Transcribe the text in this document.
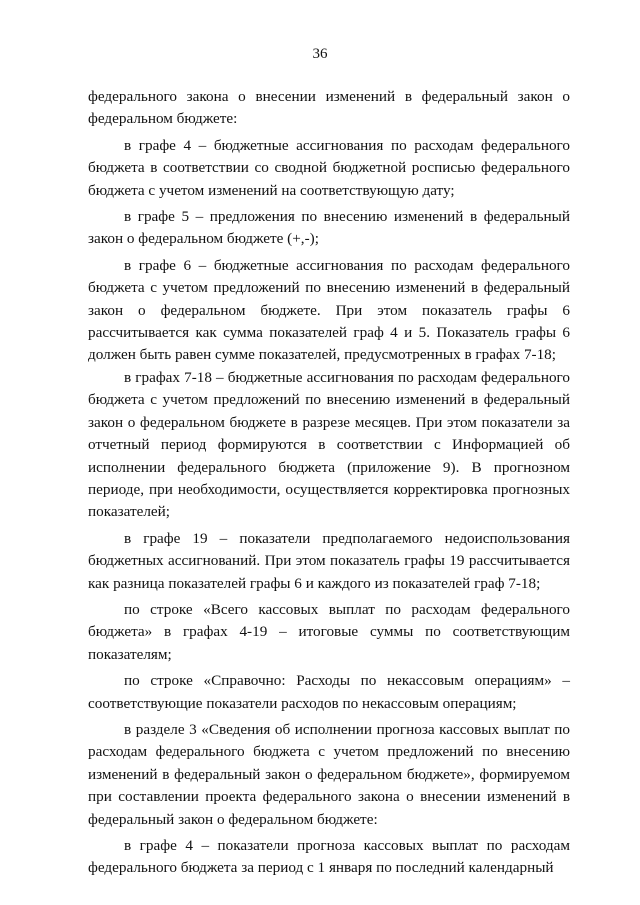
36

федерального закона о внесении изменений в федеральный закон о федеральном бюджете:

в графе 4 – бюджетные ассигнования по расходам федерального бюджета в соответствии со сводной бюджетной росписью федерального бюджета с учетом изменений на соответствующую дату;

в графе 5 – предложения по внесению изменений в федеральный закон о федеральном бюджете (+,-);

в графе 6 – бюджетные ассигнования по расходам федерального бюджета с учетом предложений по внесению изменений в федеральный закон о федеральном бюджете. При этом показатель графы 6 рассчитывается как сумма показателей граф 4 и 5. Показатель графы 6 должен быть равен сумме показателей, предусмотренных в графах 7-18;

в графах 7-18 – бюджетные ассигнования по расходам федерального бюджета с учетом предложений по внесению изменений в федеральный закон о федеральном бюджете в разрезе месяцев. При этом показатели за отчетный период формируются в соответствии с Информацией об исполнении федерального бюджета (приложение 9). В прогнозном периоде, при необходимости, осуществляется корректировка прогнозных показателей;

в графе 19 – показатели предполагаемого недоиспользования бюджетных ассигнований. При этом показатель графы 19 рассчитывается как разница показателей графы 6 и каждого из показателей граф 7-18;

по строке «Всего кассовых выплат по расходам федерального бюджета» в графах 4-19 – итоговые суммы по соответствующим показателям;

по строке «Справочно: Расходы по некассовым операциям» – соответствующие показатели расходов по некассовым операциям;

в разделе 3 «Сведения об исполнении прогноза кассовых выплат по расходам федерального бюджета с учетом предложений по внесению изменений в федеральный закон о федеральном бюджете», формируемом при составлении проекта федерального закона о внесении изменений в федеральный закон о федеральном бюджете:

в графе 4 – показатели прогноза кассовых выплат по расходам федерального бюджета за период с 1 января по последний календарный
